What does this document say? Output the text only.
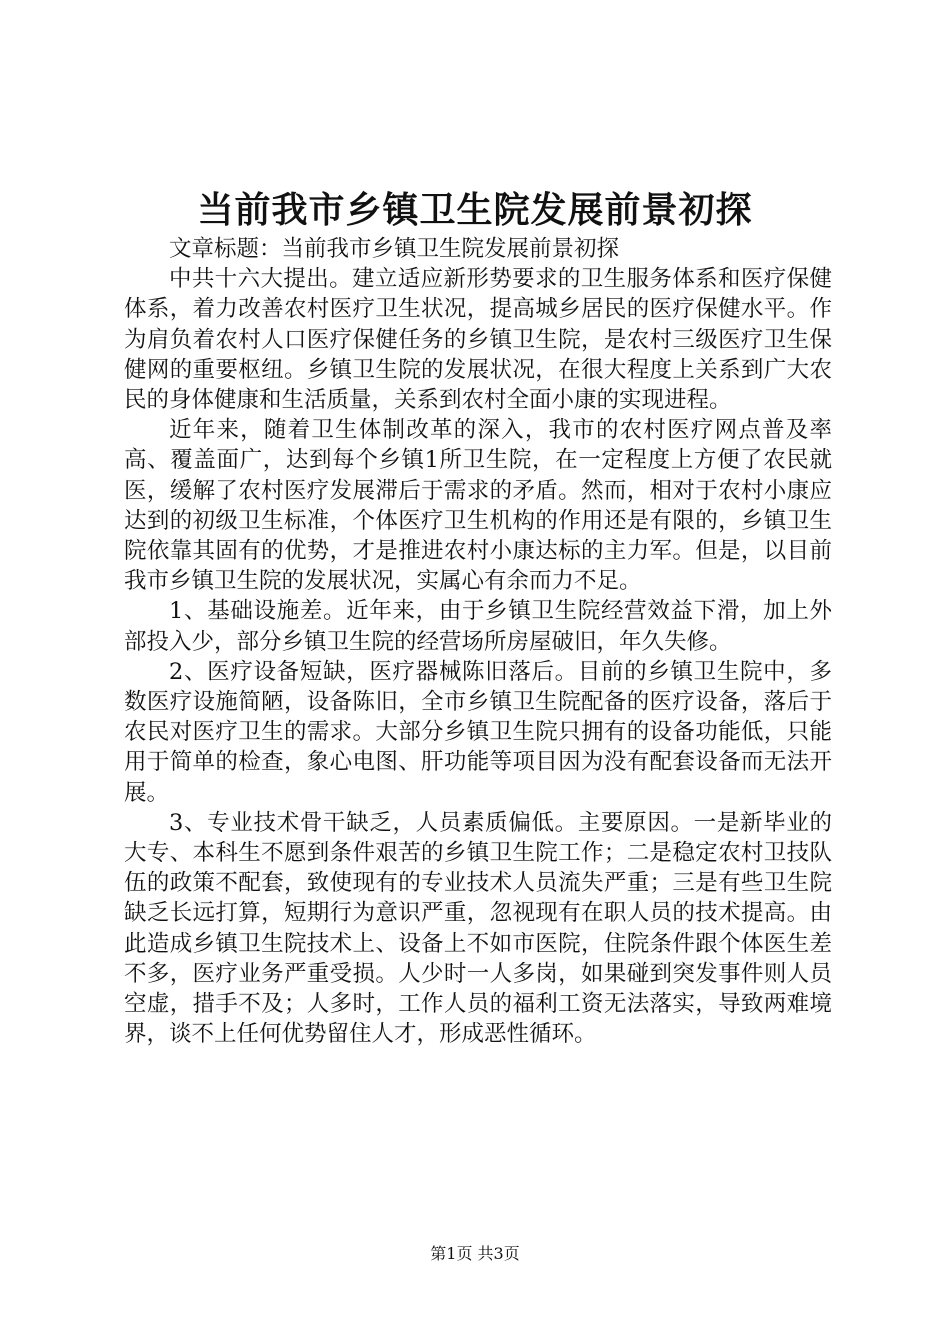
当前我市乡镇卫生院发展前景初探

文章标题：当前我市乡镇卫生院发展前景初探

中共十六大提出。建立适应新形势要求的卫生服务体系和医疗保健体系，着力改善农村医疗卫生状况，提高城乡居民的医疗保健水平。作为肩负着农村人口医疗保健任务的乡镇卫生院，是农村三级医疗卫生保健网的重要枢纽。乡镇卫生院的发展状况，在很大程度上关系到广大农民的身体健康和生活质量，关系到农村全面小康的实现进程。

近年来，随着卫生体制改革的深入，我市的农村医疗网点普及率高、覆盖面广，达到每个乡镇1所卫生院，在一定程度上方便了农民就医，缓解了农村医疗发展滞后于需求的矛盾。然而，相对于农村小康应达到的初级卫生标准，个体医疗卫生机构的作用还是有限的，乡镇卫生院依靠其固有的优势，才是推进农村小康达标的主力军。但是，以目前我市乡镇卫生院的发展状况，实属心有余而力不足。

1、基础设施差。近年来，由于乡镇卫生院经营效益下滑，加上外部投入少，部分乡镇卫生院的经营场所房屋破旧，年久失修。

2、医疗设备短缺，医疗器械陈旧落后。目前的乡镇卫生院中，多数医疗设施简陋，设备陈旧，全市乡镇卫生院配备的医疗设备，落后于农民对医疗卫生的需求。大部分乡镇卫生院只拥有的设备功能低，只能用于简单的检查，象心电图、肝功能等项目因为没有配套设备而无法开展。

3、专业技术骨干缺乏，人员素质偏低。主要原因。一是新毕业的大专、本科生不愿到条件艰苦的乡镇卫生院工作；二是稳定农村卫技队伍的政策不配套，致使现有的专业技术人员流失严重；三是有些卫生院缺乏长远打算，短期行为意识严重，忽视现有在职人员的技术提高。由此造成乡镇卫生院技术上、设备上不如市医院，住院条件跟个体医生差不多，医疗业务严重受损。人少时一人多岗，如果碰到突发事件则人员空虚，措手不及；人多时，工作人员的福利工资无法落实，导致两难境界，谈不上任何优势留住人才，形成恶性循环。

第1页 共3页
